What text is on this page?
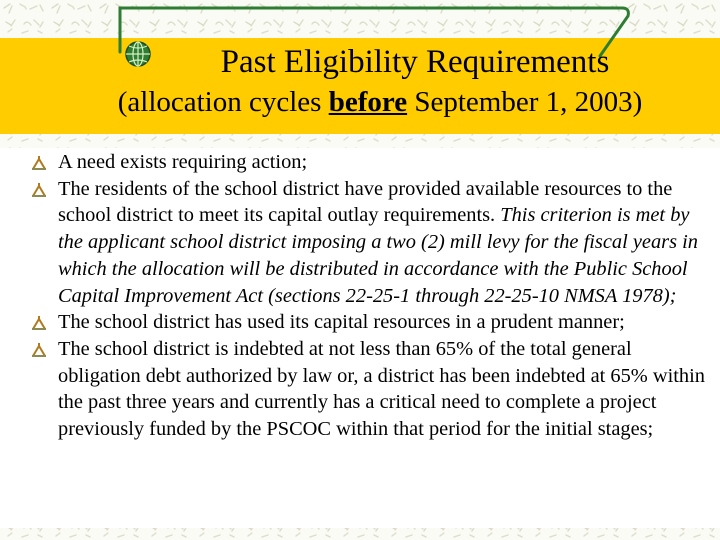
Past Eligibility Requirements
(allocation cycles before September 1, 2003)
A need exists requiring action;
The residents of the school district have provided available resources to the school district to meet its capital outlay requirements. This criterion is met by the applicant school district imposing a two (2) mill levy for the fiscal years in which the allocation will be distributed in accordance with the Public School Capital Improvement Act (sections 22-25-1 through 22-25-10 NMSA 1978);
The school district has used its capital resources in a prudent manner;
The school district is indebted at not less than 65% of the total general obligation debt authorized by law or, a district has been indebted at 65% within the past three years and currently has a critical need to complete a project previously funded by the PSCOC within that period for the initial stages;
